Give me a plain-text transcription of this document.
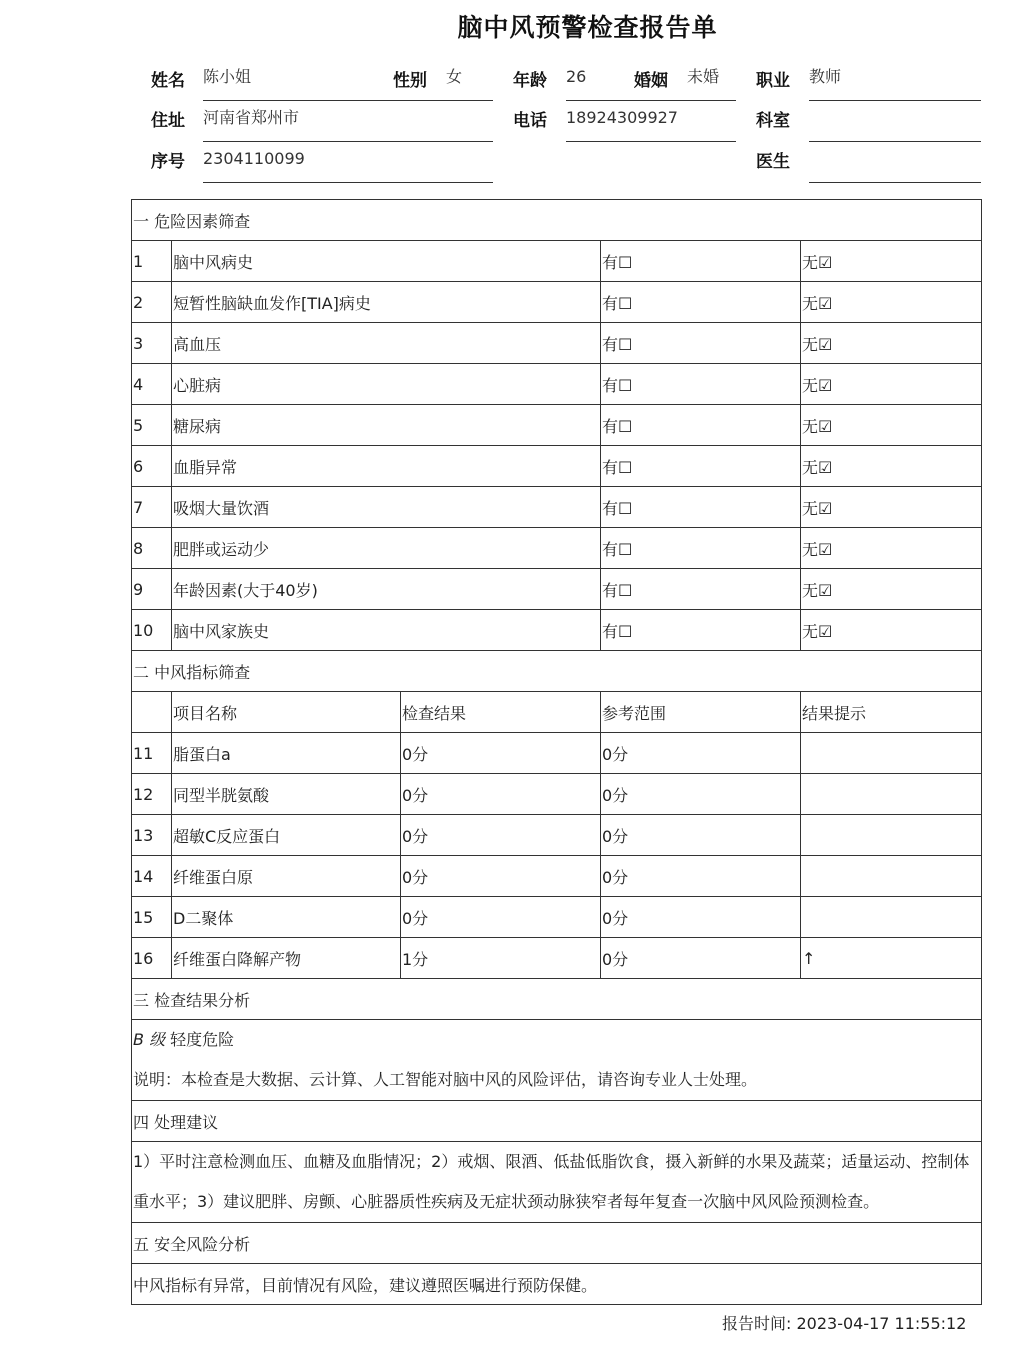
脑中风预警检查报告单
姓名 陈小姐	性别 女	年龄 26	婚姻 未婚 职业 教师
住址 河南省郑州市	电话 18924309927	科室
序号 2304110099	医生
一 危险因素筛查				
1	脑中风病史		有☐	无☑
2	短暂性脑缺血发作[TIA]病史		有☐	无☑
3	高血压		有☐	无☑
4	心脏病		有☐	无☑
5	糖尿病		有☐	无☑
6	血脂异常		有☐	无☑
7	吸烟大量饮酒		有☐	无☑
8	肥胖或运动少		有☐	无☑
9	年龄因素(大于40岁)		有☐	无☑
10	脑中风家族史		有☐	无☑
二 中风指标筛查				
	项目名称	检查结果	参考范围	结果提示
11	脂蛋白a	0分	0分	
12	同型半胱氨酸	0分	0分	
13	超敏C反应蛋白	0分	0分	
14	纤维蛋白原	0分	0分	
15	D二聚体	0分	0分	
16	纤维蛋白降解产物	1分	0分	↑
三 检查结果分析				

B 级 轻度危险
说明：本检查是大数据、云计算、人工智能对脑中风的风险评估，请咨询专业人士处理。				

四 处理建议				
1）平时注意检测血压、血糖及血脂情况；2）戒烟、限酒、低盐低脂饮食，摄入新鲜的水果及蔬菜；适量运动、控制体重水平；3）建议肥胖、房颤、心脏器质性疾病及无症状颈动脉狭窄者每年复查一次脑中风风险预测检查。				
五 安全风险分析				
中风指标有异常，目前情况有风险，建议遵照医嘱进行预防保健。				
报告时间: 2023-04-17 11:55:12
